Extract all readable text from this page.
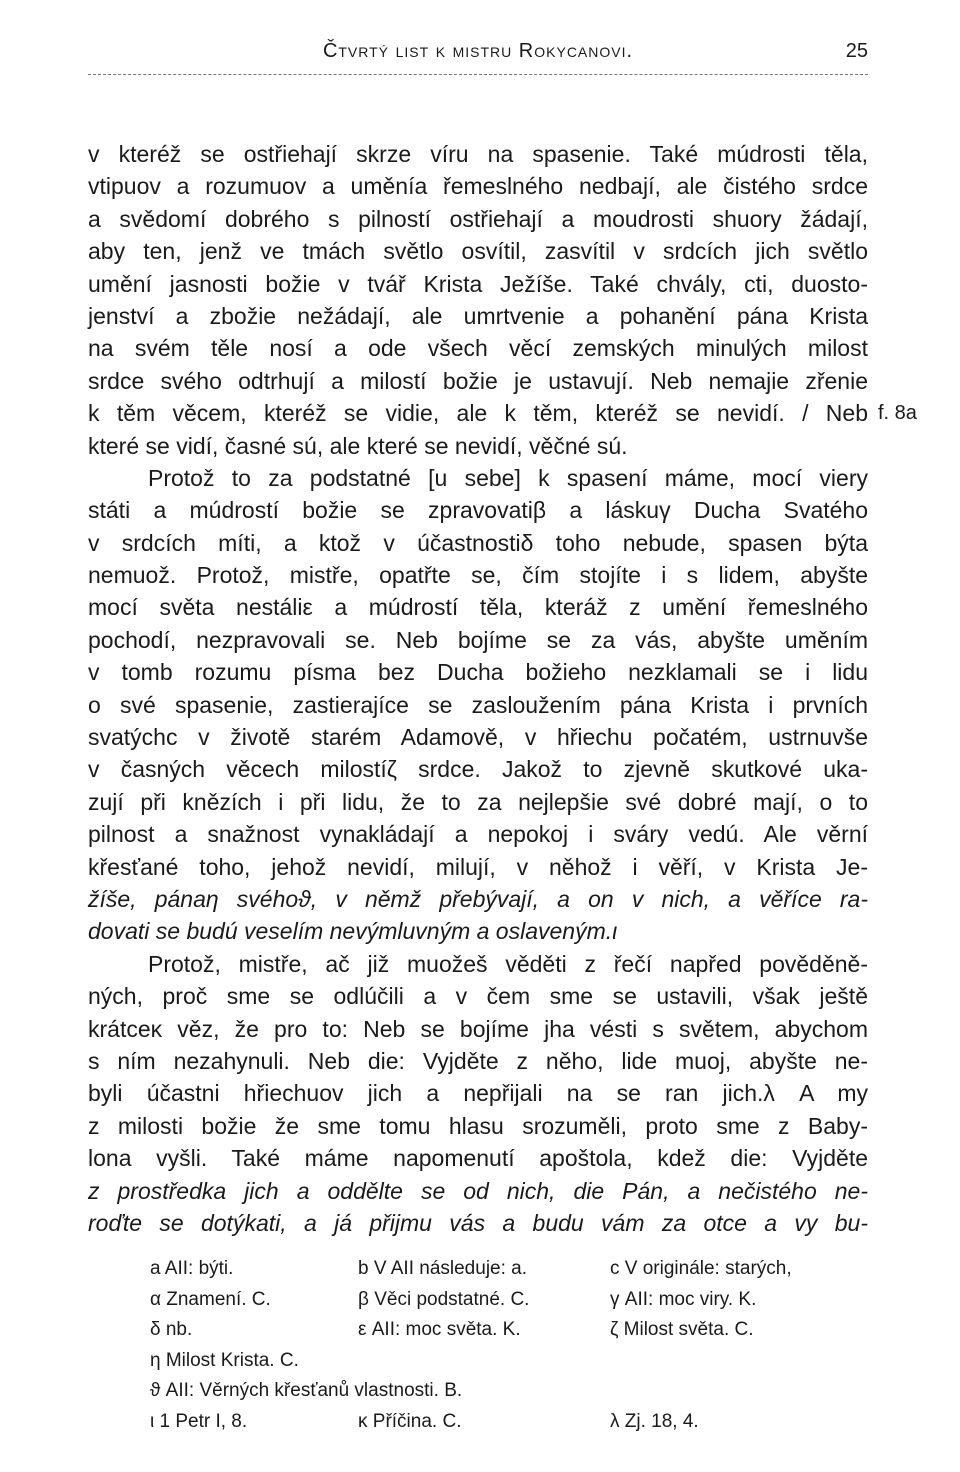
Čtvrtý list k mistru Rokycanovi.	25
v kteréž se ostřiehají skrze víru na spasenie. Také múdrosti těla,
vtipuov a rozumuov a uměnía řemeslného nedbají, ale čistého srdce
a svědomí dobrého s pilností ostřiehají a moudrosti shuory žádají,
aby ten, jenž ve tmách světlo osvítil, zasvítil v srdcích jich světlo
umění jasnosti božie v tvář Krista Ježíše. Také chvály, cti, duosto-
jenství a zbožie nežádají, ale umrtvenie a pohanění pána Krista
na svém těle nosí a ode všech věcí zemských minulých milost
srdce svého odtrhují a milostí božie je ustavují. Neb nemajie zřenie
k těm věcem, kteréž se vidie, ale k těm, kteréž se nevidí. / Neb f. 8a
které se vidí, časné sú, ale které se nevidí, věčné sú.
Protož to za podstatné [u sebe] k spasení máme, mocí viery
státi a múdrostí božie se zpravovatiβ a láskuγ Ducha Svatého
v srdcích míti, a ktož v účastnostiδ toho nebude, spasen býta
nemuož. Protož, mistře, opatřte se, čím stojíte i s lidem, abyšte
mocí světa nestáliε a múdrostí těla, kteráž z umění řemeslného
pochodí, nezpravovali se. Neb bojíme se za vás, abyšte uměním
v tomb rozumu písma bez Ducha božieho nezklamali se i lidu
o své spasenie, zastierajíce se zasloužením pána Krista i prvních
svatýchc v životě starém Adamově, v hřiechu počatém, ustrnuvše
v časných věcech milostíζ srdce. Jakož to zjevně skutkové uka-
zují při knězích i při lidu, že to za nejlepšie své dobré mají, o to
pilnost a snažnost vynakládají a nepokoj i sváry vedú. Ale věrní
křesťané toho, jehož nevidí, milují, v něhož i věří, v Krista Je-
žíše, pánaη svéhoϑ, v němž přebývají, a on v nich, a věříce ra-
dovati se budú veselím nevýmluvným a oslaveným.ι
Protož, mistře, ač již muožeš věděti z řečí napřed pověděně-
ných, proč sme se odlúčili a v čem sme se ustavili, však ještě
krátceκ věz, že pro to: Neb se bojíme jha vésti s světem, abychom
s ním nezahynuli. Neb die: Vyjděte z něho, lide muoj, abyšte ne-
byli účastni hřiechuov jich a nepřijali na se ran jich.λ A my
z milosti božie že sme tomu hlasu srozuměli, proto sme z Baby-
lona vyšli. Také máme napomenutí apoštola, kdež die: Vyjděte
z prostředka jich a oddělte se od nich, die Pán, a nečistého ne-
roďte se dotýkati, a já přijmu vás a budu vám za otce a vy bu-
a AII: býti.	b V AII následuje: a.	c V originále: starých,
α Znamení. C.	β Věci podstatné. C.	γ AII: moc viry. K.
δ nb.	ε AII: moc světa. K.	ζ Milost světa. C.
η Milost Krista. C.
ϑ AII: Věrných křesťanů vlastnosti. B.
ι 1 Petr I, 8.	κ Příčina. C.	λ Zj. 18, 4.
